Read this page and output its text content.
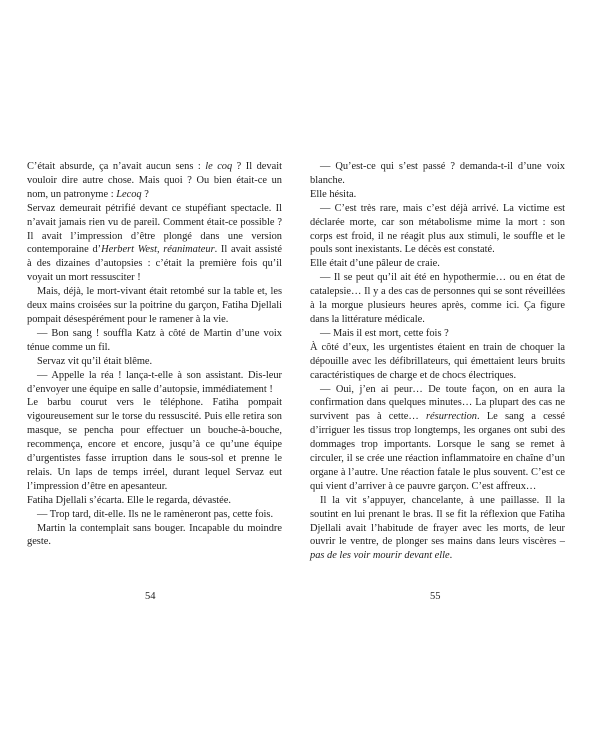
C’était absurde, ça n’avait aucun sens : le coq ? Il devait vouloir dire autre chose. Mais quoi ? Ou bien était-ce un nom, un patronyme : Lecoq ?

Servaz demeurait pétrifié devant ce stupéfiant spectacle. Il n’avait jamais rien vu de pareil. Comment était-ce possible ? Il avait l’impression d’être plongé dans une version contemporaine d’Herbert West, réanimateur. Il avait assisté à des dizaines d’autopsies : c’était la première fois qu’il voyait un mort ressusciter !

Mais, déjà, le mort-vivant était retombé sur la table et, les deux mains croisées sur la poitrine du garçon, Fatiha Djellali pompait désespérément pour le ramener à la vie.

— Bon sang ! souffla Katz à côté de Martin d’une voix ténue comme un fil.

Servaz vit qu’il était blême.

— Appelle la réa ! lança-t-elle à son assistant. Dis-leur d’envoyer une équipe en salle d’autopsie, immédiatement !

Le barbu courut vers le téléphone. Fatiha pompait vigoureusement sur le torse du ressuscité. Puis elle retira son masque, se pencha pour effectuer un bouche-à-bouche, recommença, encore et encore, jusqu’à ce qu’une équipe d’urgentistes fasse irruption dans le sous-sol et prenne le relais. Un laps de temps irréel, durant lequel Servaz eut l’impression d’être en apesanteur.

Fatiha Djellali s’écarta. Elle le regarda, dévastée.

— Trop tard, dit-elle. Ils ne le ramèneront pas, cette fois.

Martin la contemplait sans bouger. Incapable du moindre geste.

54

— Qu’est-ce qui s’est passé ? demanda-t-il d’une voix blanche.

Elle hésita.

— C’est très rare, mais c’est déjà arrivé. La victime est déclarée morte, car son métabolisme mime la mort : son corps est froid, il ne réagit plus aux stimuli, le souffle et le pouls sont inexistants. Le décès est constaté.

Elle était d’une pâleur de craie.

— Il se peut qu’il ait été en hypothermie… ou en état de catalepsie… Il y a des cas de personnes qui se sont réveillées à la morgue plusieurs heures après, comme ici. Ça figure dans la littérature médicale.

— Mais il est mort, cette fois ?

À côté d’eux, les urgentistes étaient en train de choquer la dépouille avec les défibrillateurs, qui émettaient leurs bruits caractéristiques de charge et de chocs électriques.

— Oui, j’en ai peur… De toute façon, on en aura la confirmation dans quelques minutes… La plupart des cas ne survivent pas à cette… résurrection. Le sang a cessé d’irriguer les tissus trop longtemps, les organes ont subi des dommages trop importants. Lorsque le sang se remet à circuler, il se crée une réaction inflammatoire en chaîne d’un organe à l’autre. Une réaction fatale le plus souvent. C’est ce qui vient d’arriver à ce pauvre garçon. C’est affreux…

Il la vit s’appuyer, chancelante, à une paillasse. Il la soutint en lui prenant le bras. Il se fit la réflexion que Fatiha Djellali avait l’habitude de frayer avec les morts, de leur ouvrir le ventre, de plonger ses mains dans leurs viscères – pas de les voir mourir devant elle.

55
